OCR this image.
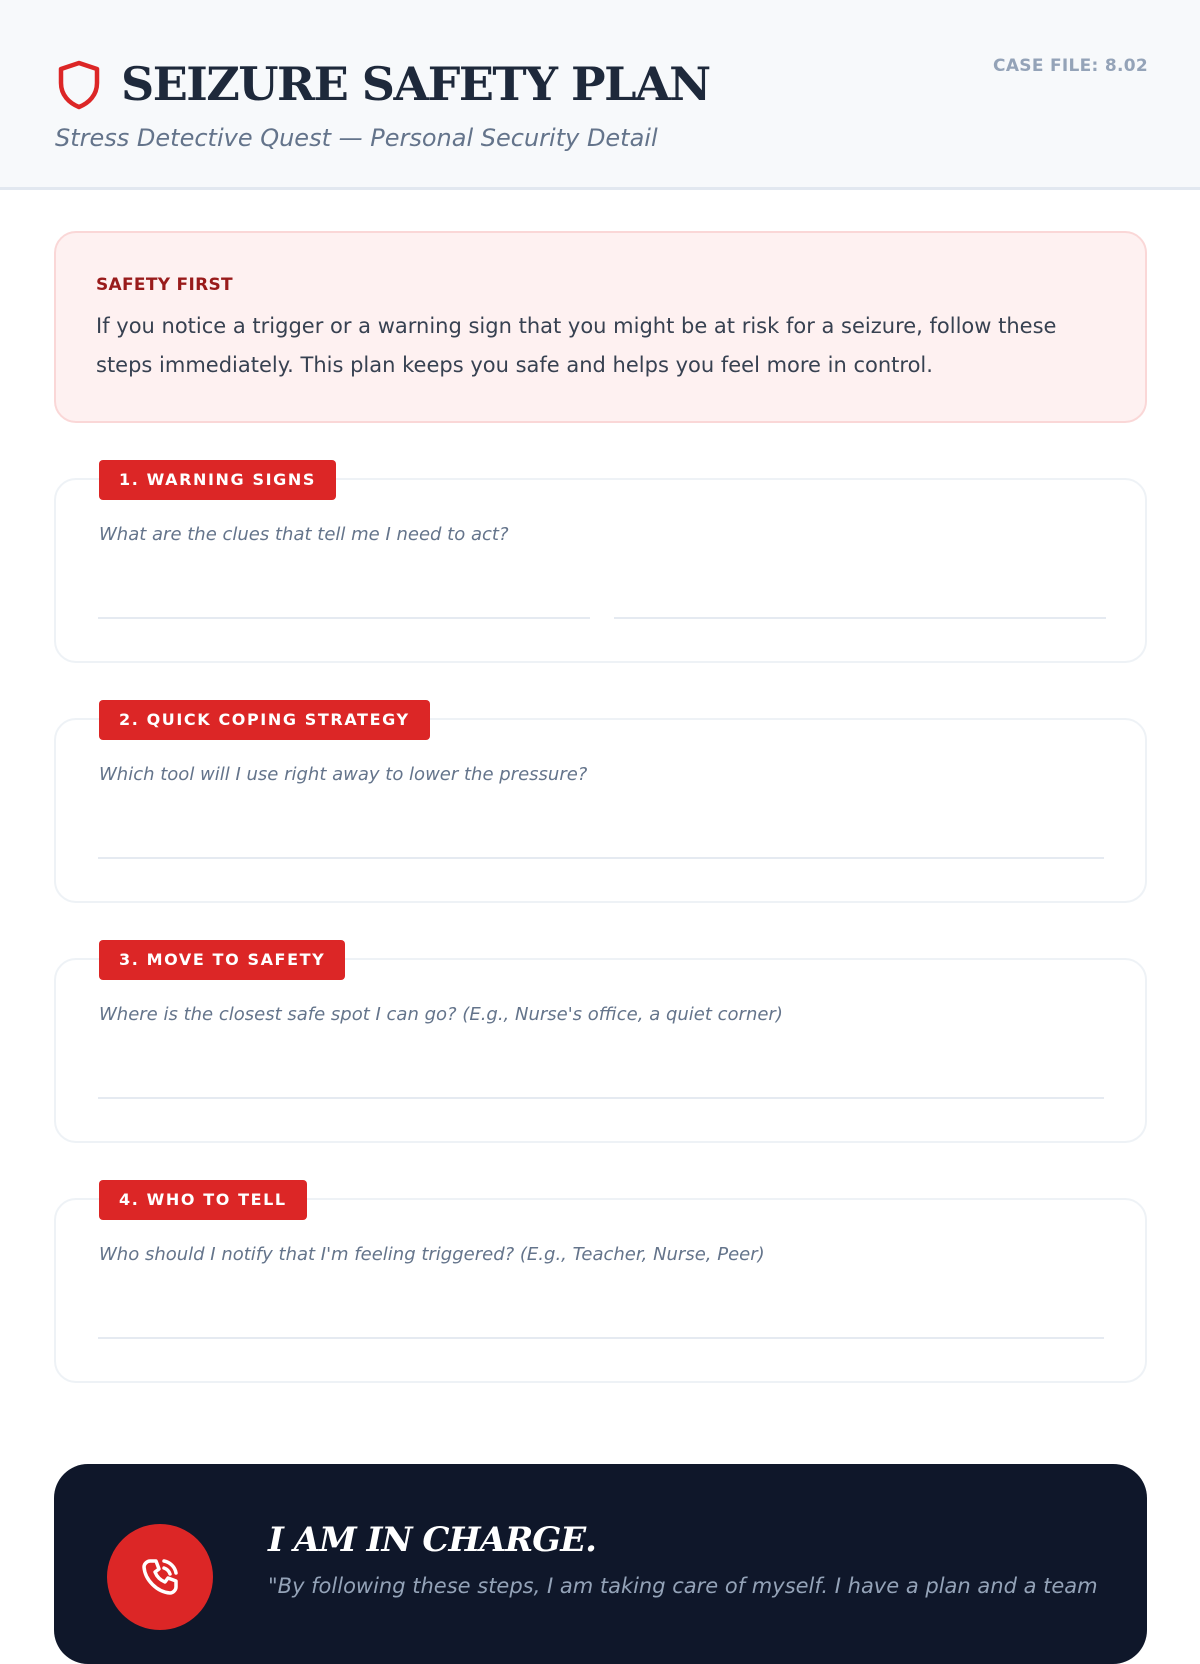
SEIZURE SAFETY PLAN
Stress Detective Quest — Personal Security Detail
CASE FILE: 8.02
SAFETY FIRST
If you notice a trigger or a warning sign that you might be at risk for a seizure, follow these steps immediately. This plan keeps you safe and helps you feel more in control.
1. WARNING SIGNS
What are the clues that tell me I need to act?
2. QUICK COPING STRATEGY
Which tool will I use right away to lower the pressure?
3. MOVE TO SAFETY
Where is the closest safe spot I can go? (E.g., Nurse's office, a quiet corner)
4. WHO TO TELL
Who should I notify that I'm feeling triggered? (E.g., Teacher, Nurse, Peer)
I AM IN CHARGE.
"By following these steps, I am taking care of myself. I have a plan and a team
